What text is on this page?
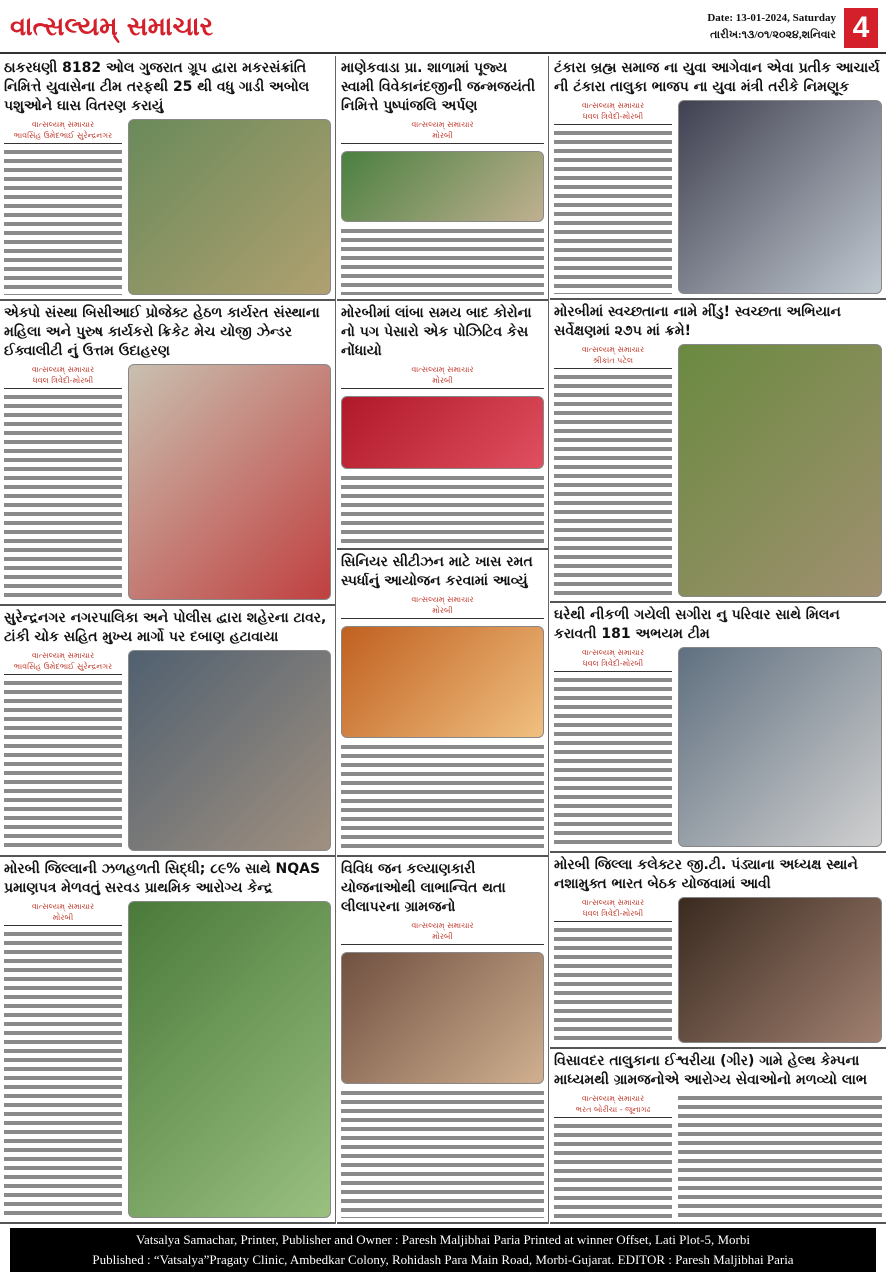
વાત્સલ્યમ્ સમાચાર	Date: 13-01-2024, Saturday
તારીખ:૧૩/૦૧/૨૦૨૪,શનિવાર 4
ઠાકરધણી 8182 ઓલ ગુજરાત ગ્રૂપ દ્વારા મકરસંક્રાંતિ નિમિત્તે યુવાસેના ટીમ તરફથી 25 થી વધુ ગાડી અબોલ પશુઓને ઘાસ વિતરણ કરાયું
વાત્સલ્યમ્ સમાચાર
ભાવસિંહ ઉમેદભાઈ સુરેન્દ્રનગર
એક્પો સંસ્થા બિસીઆઈ પ્રોજેક્ટ હેઠળ કાર્યરત સંસ્થાના મહિલા અને પુરુષ કાર્યકરો ક્રિકેટ મેચ યોજી ઝેન્ડર ઈક્વાલીટી નું ઉત્તમ ઉદાહરણ
વાત્સલ્યમ્ સમાચાર
ધવલ ત્રિવેદી-મોરબી
સુરેન્દ્રનગર નગરપાલિકા અને પોલીસ દ્વારા શહેરના ટાવર, ટાંકી ચોક સહિત મુખ્ય માર્ગો પર દબાણ હટાવાયા
વાત્સલ્યમ્ સમાચાર
ભાવસિંહ ઉમેદભાઈ સુરેન્દ્રનગર
મોરબી જિલ્લાની ઝળહળતી સિદ્ધી; ૮૯% સાથે NQAS પ્રમાણપત્ર મેળવતું સરવડ પ્રાથમિક આરોગ્ય કેન્દ્ર
વાત્સલ્યમ્ સમાચાર
મોરબી
માણેકવાડા પ્રા. શાળામાં પૂજ્ય સ્વામી વિવેકાનંદજીની જન્મજયંતી નિમિત્તે પુષ્પાંજલિ અર્પણ
વાત્સલ્યમ્ સમાચાર
મોરબી
મોરબીમાં લાંબા સમય બાદ કોરોના નો પગ પેસારો એક પોઝિટિવ કેસ નોંધાયો
વાત્સલ્યમ્ સમાચાર
મોરબી
સિનિયર સીટીઝન માટે ખાસ રમત સ્પર્ધાનું આયોજન કરવામાં આવ્યું
વાત્સલ્યમ્ સમાચાર
મોરબી
વિવિધ જન કલ્યાણકારી યોજનાઓથી લાભાન્વિત થતા લીલાપરના ગ્રામજનો
વાત્સલ્યમ્ સમાચાર
મોરબી
ટંકારા બ્રહ્મ સમાજ ના યુવા આગેવાન એવા પ્રતીક આચાર્ય ની ટંકારા તાલુકા ભાજપ ના યુવા મંત્રી તરીકે નિમણૂક
વાત્સલ્યમ્ સમાચાર
ધવલ ત્રિવેદી-મોરબી
મોરબીમાં સ્વચ્છતાના નામે મીંડુ! સ્વચ્છતા અભિયાન સર્વેક્ષણમાં ૨૭૫ માં ક્રમે!
વાત્સલ્યમ્ સમાચાર
શ્રીકાંત પટેલ
ઘરેથી નીકળી ગયેલી સગીરા નુ પરિવાર સાથે મિલન કરાવતી 181 અભયમ ટીમ
વાત્સલ્યમ્ સમાચાર
ધવલ ત્રિવેદી-મોરબી
મોરબી જિલ્લા કલેક્ટર જી.ટી. પંડ્યાના અધ્યક્ષ સ્થાને નશામુક્ત ભારત બેઠક યોજવામાં આવી
વાત્સલ્યમ્ સમાચાર
ધવલ ત્રિવેદી-મોરબી
વિસાવદર તાલુકાના ઈશ્વરીયા (ગીર) ગામે હેલ્થ કેમ્પના માધ્યમથી ગ્રામજનોએ આરોગ્ય સેવાઓનો મળવ્યો લાભ
વાત્સલ્યમ્ સમાચાર
ભરત બોરીચા - જૂનાગઢ
Vatsalya Samachar, Printer, Publisher and Owner : Paresh Maljibhai Paria Printed at winner Offset, Lati Plot-5, Morbi
Published : “Vatsalya”Pragaty Clinic, Ambedkar Colony, Rohidash Para Main Road, Morbi-Gujarat. EDITOR : Paresh Maljibhai Paria
